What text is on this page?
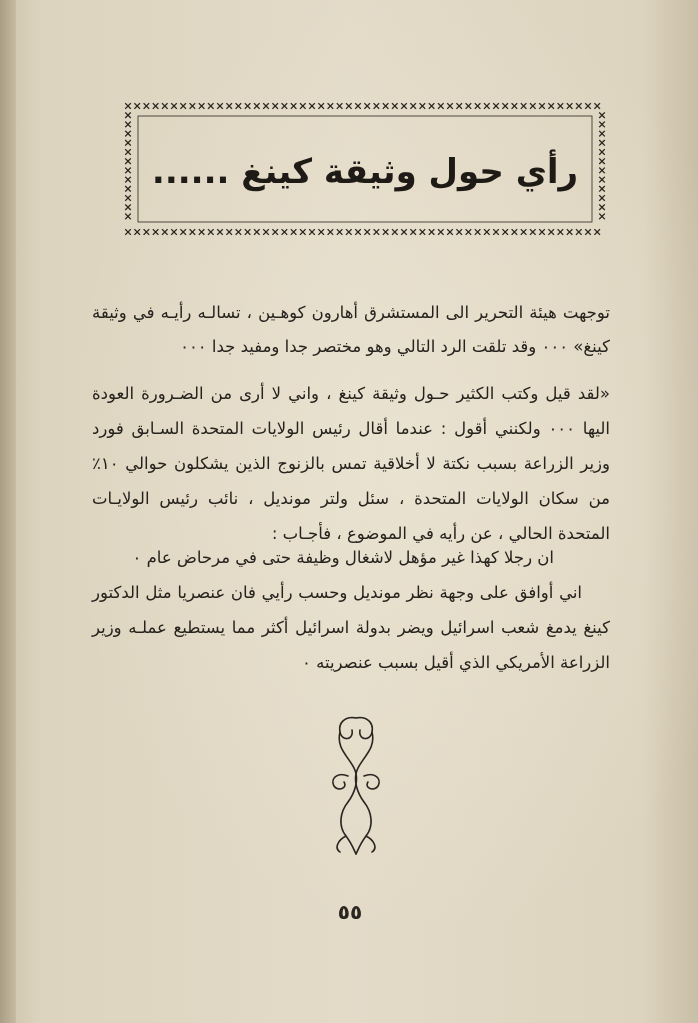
رأي حول وثيقة كينغ ......

توجهت هيئة التحرير الى المستشرق أهارون كوهـين ، تسالـه رأيـه في وثيقة كينغ» ٠٠٠ وقد تلقت الرد التالي وهو مختصر جدا ومفيد جدا ٠٠٠

«لقد قيل وكتب الكثير حـول وثيقة كينغ ، واني لا أرى من الضـرورة العودة اليها ٠٠٠ ولكنني أقول : عندما أقال رئيس الولايات المتحدة السـابق فورد وزير الزراعة بسبب نكتة لا أخلاقية تمس بالزنوج الذين يشكلون حوالي ١٠٪ من سكان الولايات المتحدة ، سئل ولتر مونديل ، نائب رئيس الولايـات المتحدة الحالي ، عن رأيه في الموضوع ، فأجـاب :

ان رجلا كهذا غير مؤهل لاشغال وظيفة حتى في مرحاض عام ٠
اني أوافق على وجهة نظر مونديل وحسب رأيي فان عنصريا مثل الدكتور كينغ يدمغ شعب اسرائيل ويضر بدولة اسرائيل أكثر مما يستطيع عملـه وزير الزراعة الأمريكي الذي أقيل بسبب عنصريته ٠

٥٥
